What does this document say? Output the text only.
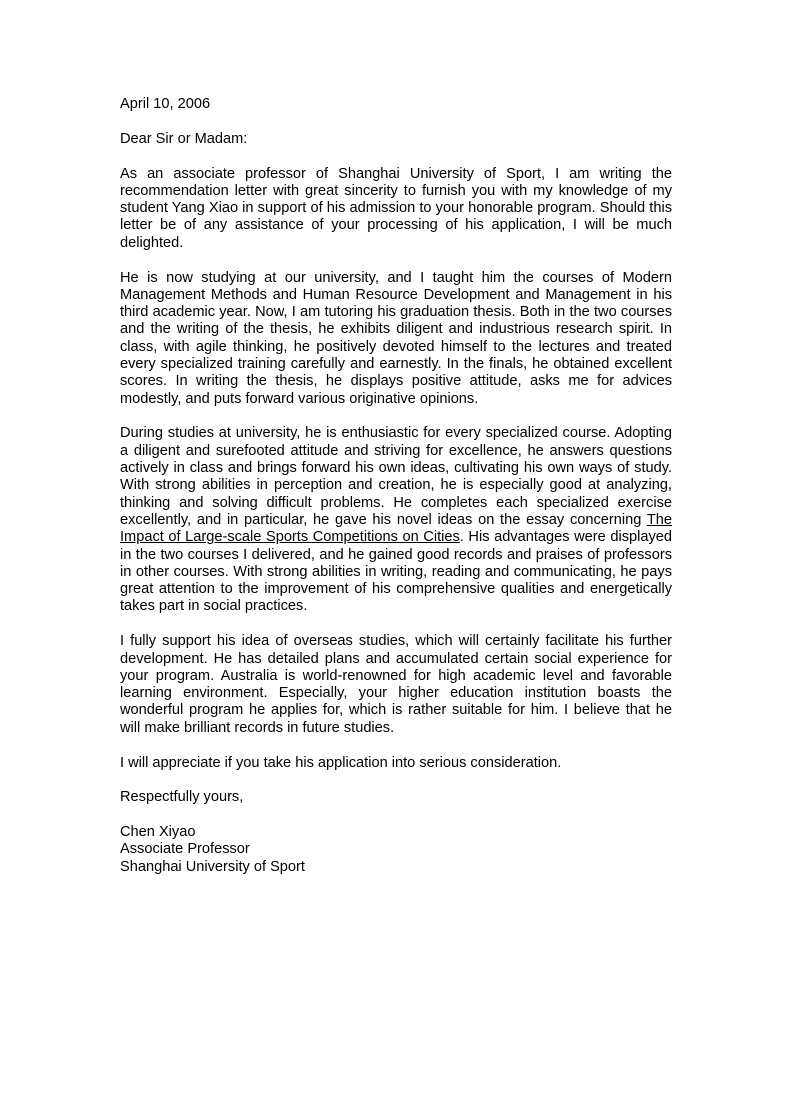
April 10, 2006
Dear Sir or Madam:

As an associate professor of Shanghai University of Sport, I am writing the recommendation letter with great sincerity to furnish you with my knowledge of my student Yang Xiao in support of his admission to your honorable program. Should this letter be of any assistance of your processing of his application, I will be much delighted.

He is now studying at our university, and I taught him the courses of Modern Management Methods and Human Resource Development and Management in his third academic year. Now, I am tutoring his graduation thesis. Both in the two courses and the writing of the thesis, he exhibits diligent and industrious research spirit. In class, with agile thinking, he positively devoted himself to the lectures and treated every specialized training carefully and earnestly. In the finals, he obtained excellent scores. In writing the thesis, he displays positive attitude, asks me for advices modestly, and puts forward various originative opinions.

During studies at university, he is enthusiastic for every specialized course. Adopting a diligent and surefooted attitude and striving for excellence, he answers questions actively in class and brings forward his own ideas, cultivating his own ways of study. With strong abilities in perception and creation, he is especially good at analyzing, thinking and solving difficult problems. He completes each specialized exercise excellently, and in particular, he gave his novel ideas on the essay concerning The Impact of Large-scale Sports Competitions on Cities. His advantages were displayed in the two courses I delivered, and he gained good records and praises of professors in other courses. With strong abilities in writing, reading and communicating, he pays great attention to the improvement of his comprehensive qualities and energetically takes part in social practices.

I fully support his idea of overseas studies, which will certainly facilitate his further development. He has detailed plans and accumulated certain social experience for your program. Australia is world-renowned for high academic level and favorable learning environment. Especially, your higher education institution boasts the wonderful program he applies for, which is rather suitable for him. I believe that he will make brilliant records in future studies.

I will appreciate if you take his application into serious consideration.

Respectfully yours,
Chen Xiyao
Associate Professor
Shanghai University of Sport
